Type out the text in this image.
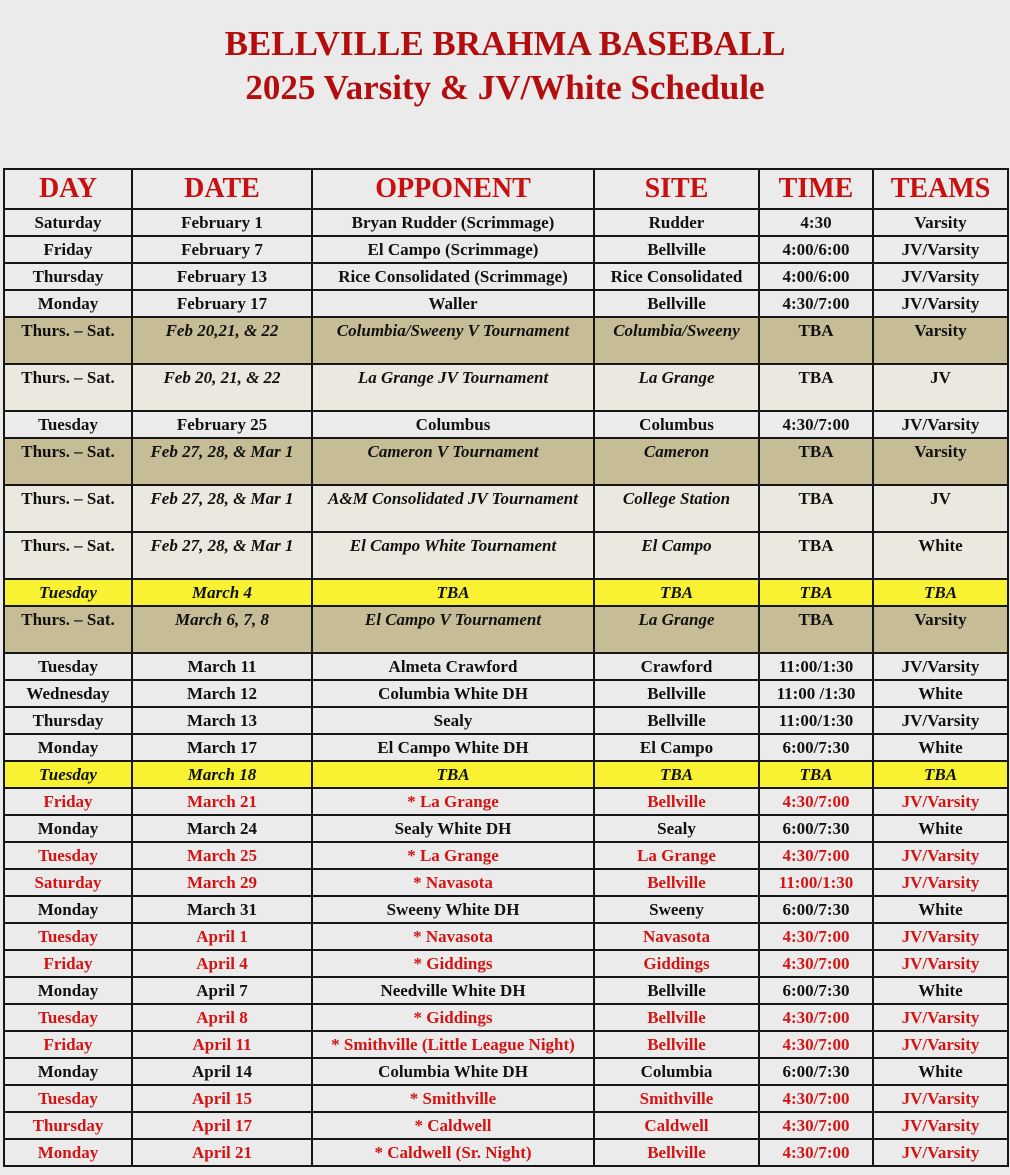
BELLVILLE BRAHMA BASEBALL
2025 Varsity & JV/White Schedule
DAY	DATE	OPPONENT	SITE	TIME	TEAMS
Saturday	February 1	Bryan Rudder (Scrimmage)	Rudder	4:30	Varsity
Friday	February 7	El Campo (Scrimmage)	Bellville	4:00/6:00	JV/Varsity
Thursday	February 13	Rice Consolidated (Scrimmage)	Rice Consolidated	4:00/6:00	JV/Varsity
Monday	February 17	Waller	Bellville	4:30/7:00	JV/Varsity
Thurs. – Sat.	Feb 20,21, & 22	Columbia/Sweeny V Tournament	Columbia/Sweeny	TBA	Varsity
Thurs. – Sat.	Feb 20, 21, & 22	La Grange JV Tournament	La Grange	TBA	JV
Tuesday	February 25	Columbus	Columbus	4:30/7:00	JV/Varsity
Thurs. – Sat.	Feb 27, 28, & Mar 1	Cameron V Tournament	Cameron	TBA	Varsity
Thurs. – Sat.	Feb 27, 28, & Mar 1	A&M Consolidated JV Tournament	College Station	TBA	JV
Thurs. – Sat.	Feb 27, 28, & Mar 1	El Campo White Tournament	El Campo	TBA	White
Tuesday	March 4	TBA	TBA	TBA	TBA
Thurs. – Sat.	March 6, 7, 8	El Campo V Tournament	La Grange	TBA	Varsity
Tuesday	March 11	Almeta Crawford	Crawford	11:00/1:30	JV/Varsity
Wednesday	March 12	Columbia White DH	Bellville	11:00 /1:30	White
Thursday	March 13	Sealy	Bellville	11:00/1:30	JV/Varsity
Monday	March 17	El Campo White DH	El Campo	6:00/7:30	White
Tuesday	March 18	TBA	TBA	TBA	TBA
Friday	March 21	* La Grange	Bellville	4:30/7:00	JV/Varsity
Monday	March 24	Sealy White DH	Sealy	6:00/7:30	White
Tuesday	March 25	* La Grange	La Grange	4:30/7:00	JV/Varsity
Saturday	March 29	* Navasota	Bellville	11:00/1:30	JV/Varsity
Monday	March 31	Sweeny White DH	Sweeny	6:00/7:30	White
Tuesday	April 1	* Navasota	Navasota	4:30/7:00	JV/Varsity
Friday	April 4	* Giddings	Giddings	4:30/7:00	JV/Varsity
Monday	April 7	Needville White DH	Bellville	6:00/7:30	White
Tuesday	April 8	* Giddings	Bellville	4:30/7:00	JV/Varsity
Friday	April 11	* Smithville (Little League Night)	Bellville	4:30/7:00	JV/Varsity
Monday	April 14	Columbia White DH	Columbia	6:00/7:30	White
Tuesday	April 15	* Smithville	Smithville	4:30/7:00	JV/Varsity
Thursday	April 17	* Caldwell	Caldwell	4:30/7:00	JV/Varsity
Monday	April 21	* Caldwell (Sr. Night)	Bellville	4:30/7:00	JV/Varsity
